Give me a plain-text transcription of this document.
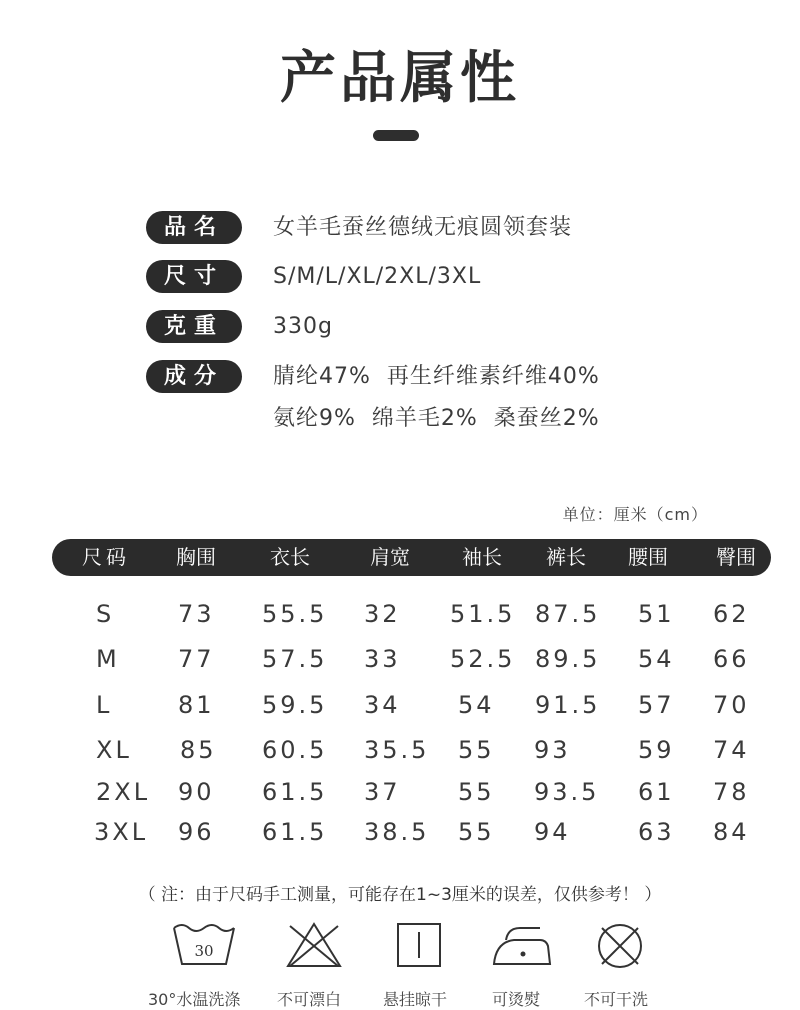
产品属性
品名	女羊毛蚕丝德绒无痕圆领套装
尺寸	S/M/L/XL/2XL/3XL
克重	330g
成分	腈纶47%  再生纤维素纤维40%
氨纶9%  绵羊毛2%  桑蚕丝2%
单位：厘米（cm）
尺码 胸围	衣长	肩宽	袖长 裤长 腰围 臀围
S	73 55.5 32 51.5 87.5 51 62
M 77 57.5 33 52.5 89.5 54 66
L	81 59.5 34 54 91.5 57 70
XL 85 60.5 35.5 55 93	59 74
2XL 90 61.5 37 55 93.5 61 78
3XL 96 61.5 38.5 55 94	63 84
（ 注：由于尺码手工测量，可能存在1~3厘米的误差，仅供参考！ ）
30
30°水温洗涤 不可漂白	悬挂晾干	可烫熨	不可干洗
